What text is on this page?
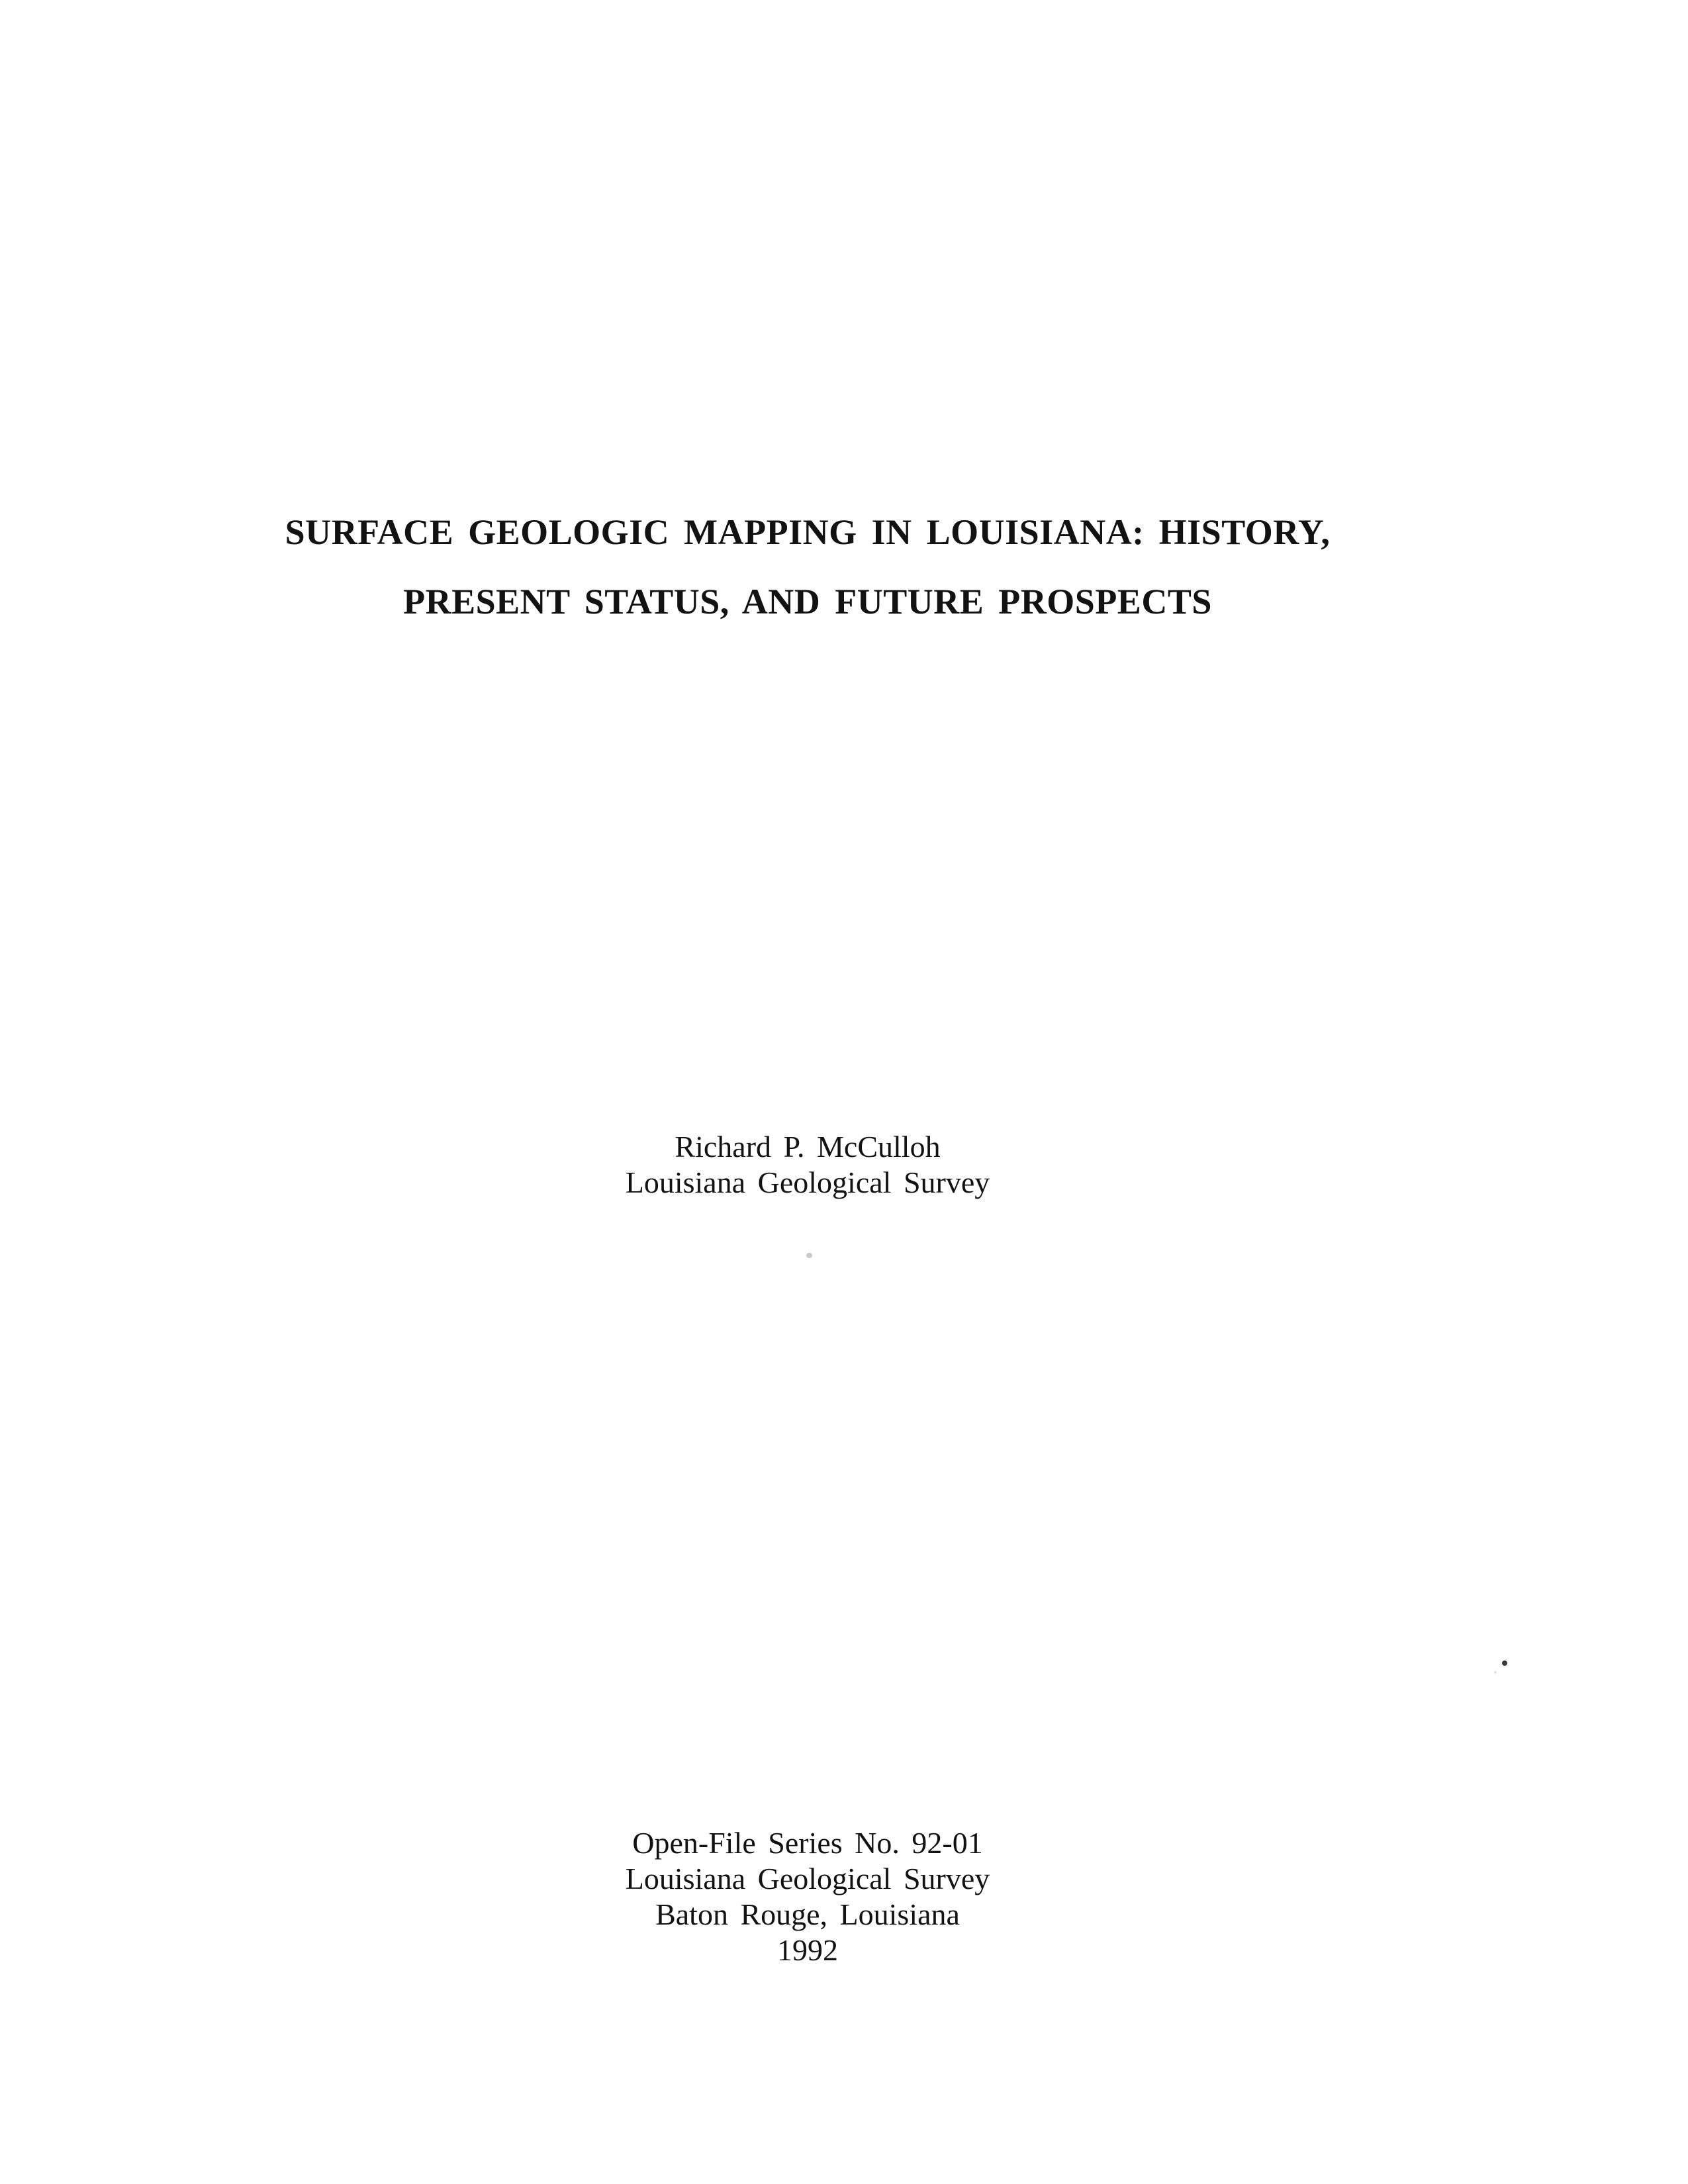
SURFACE GEOLOGIC MAPPING IN LOUISIANA: HISTORY,
PRESENT STATUS, AND FUTURE PROSPECTS
Richard P. McCulloh
Louisiana Geological Survey
Open-File Series No. 92-01
Louisiana Geological Survey
Baton Rouge, Louisiana
1992
